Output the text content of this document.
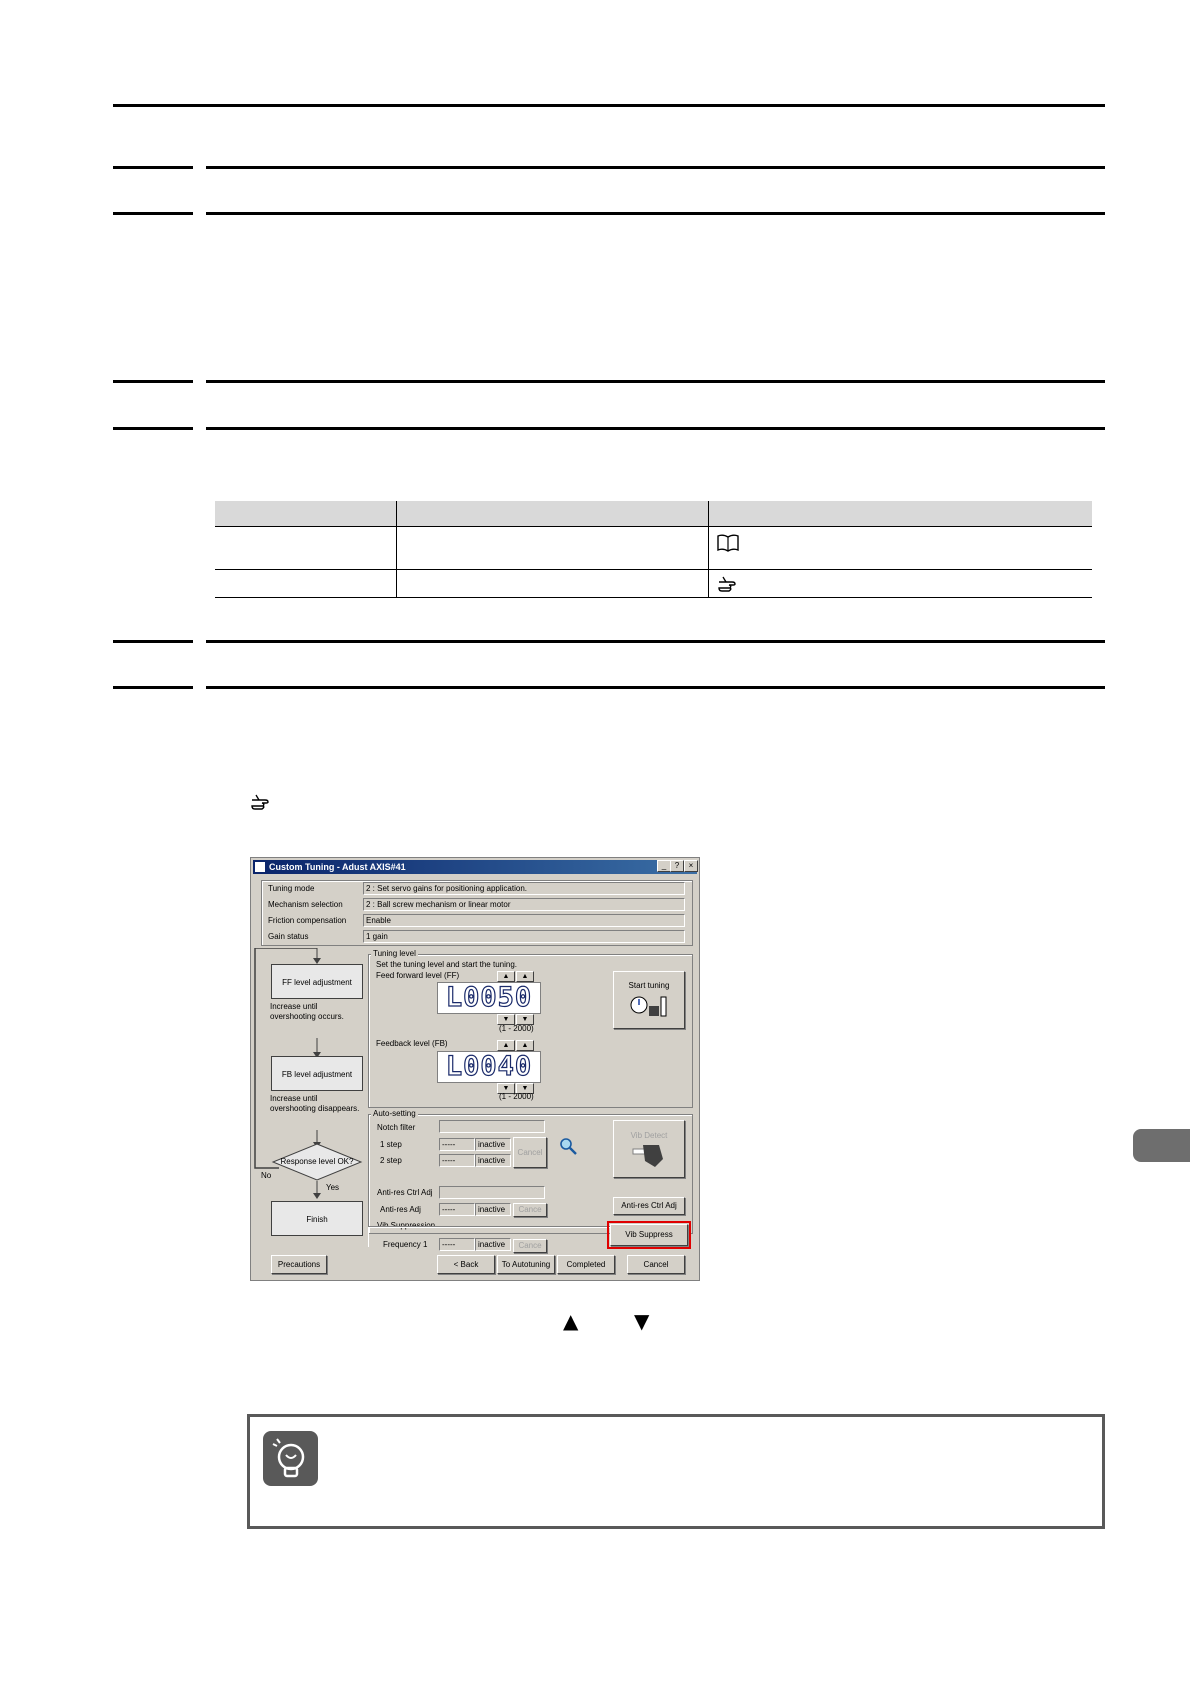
Custom Tuning - Adust AXIS#41	_	?	×
Tuning mode	2 : Set servo gains for positioning application.
Mechanism selection	2 : Ball screw mechanism or linear motor
Friction compensation	Enable
Gain status	1 gain
FF level adjustment
Increase until overshooting occurs.
FB level adjustment
Increase until overshooting disappears.
Response level OK?
No
Yes
Finish
Tuning level
Set the tuning level and start the tuning.
Feed forward level (FF)	▲	▲
L0050
▼	▼
(1 - 2000)
Feedback level (FB)	▲	▲
L0040
▼	▼
(1 - 2000)
Start tuning
Auto-setting
Notch filter
1 step	-----	inactive
2 step	-----	inactive
Cancel
Vib Detect
Anti-res Ctrl Adj
Anti-res Adj	-----	inactive	Cance	Anti-res Ctrl Adj
Vib Suppression
Frequency 1	-----	inactive	Cance
Vib Suppress
Precautions	< Back	To Autotuning	Completed	Cancel
▲	▼
